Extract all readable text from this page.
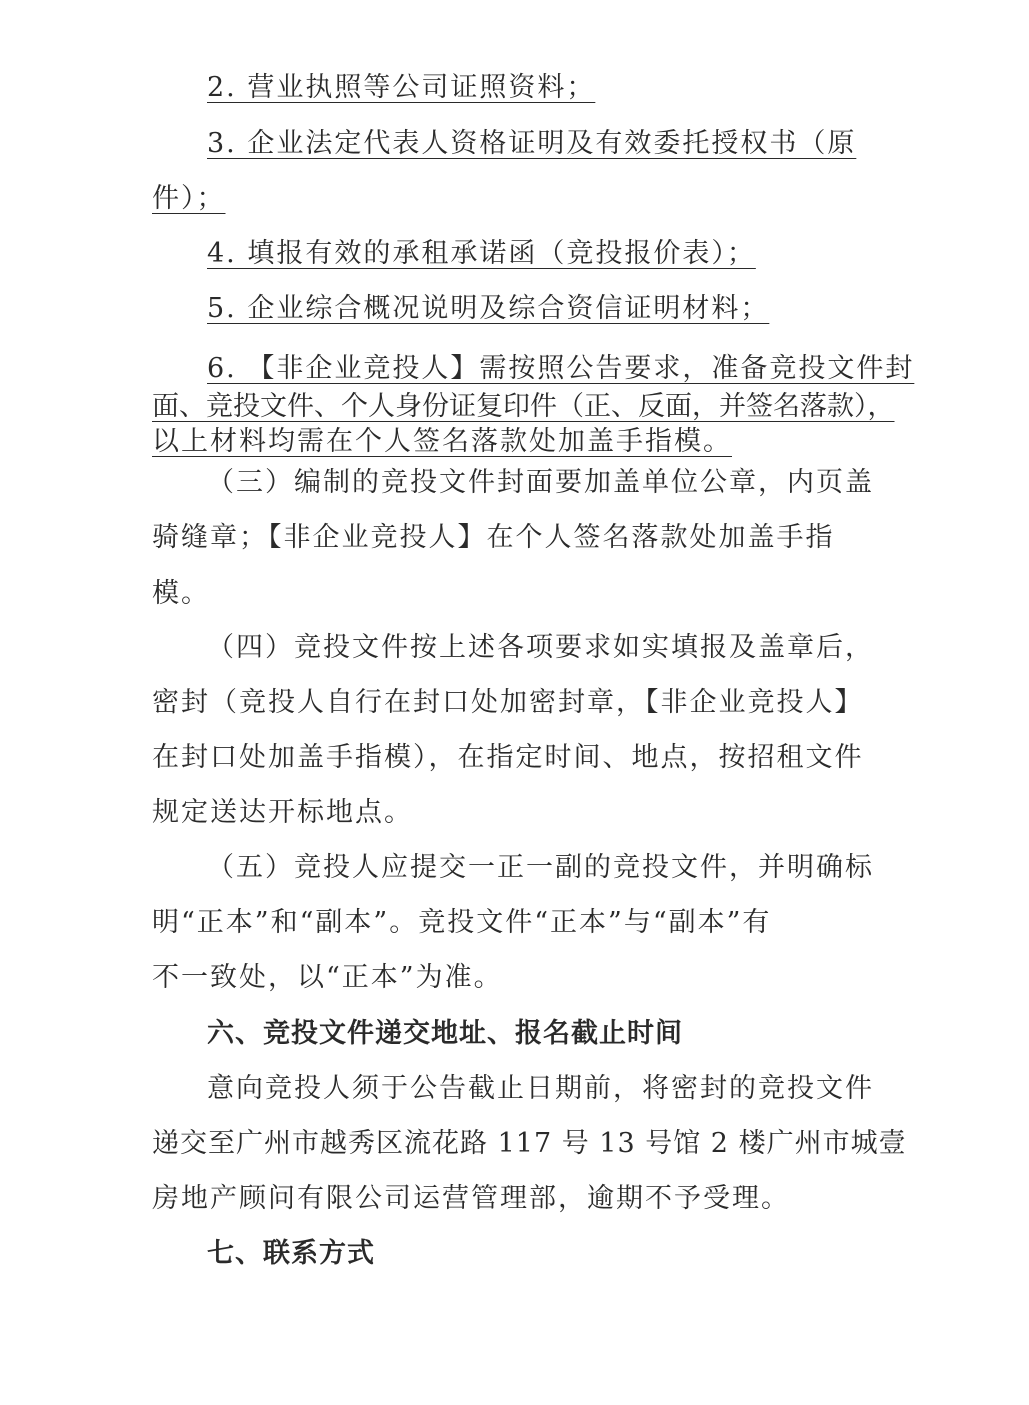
2. 营业执照等公司证照资料；
3. 企业法定代表人资格证明及有效委托授权书（原
件）；
4. 填报有效的承租承诺函（竞投报价表）；
5. 企业综合概况说明及综合资信证明材料；
6. 【非企业竞投人】需按照公告要求，准备竞投文件封
面、竞投文件、个人身份证复印件（正、反面，并签名落款），
以上材料均需在个人签名落款处加盖手指模。
（三）编制的竞投文件封面要加盖单位公章，内页盖
骑缝章；【非企业竞投人】在个人签名落款处加盖手指
模。
（四）竞投文件按上述各项要求如实填报及盖章后，
密封（竞投人自行在封口处加密封章，【非企业竞投人】
在封口处加盖手指模），在指定时间、地点，按招租文件
规定送达开标地点。
（五）竞投人应提交一正一副的竞投文件，并明确标
明“正本”和“副本”。竞投文件“正本”与“副本”有
不一致处，以“正本”为准。
六、竞投文件递交地址、报名截止时间
意向竞投人须于公告截止日期前，将密封的竞投文件
递交至广州市越秀区流花路 117 号 13 号馆 2 楼广州市城壹
房地产顾问有限公司运营管理部，逾期不予受理。
七、联系方式
